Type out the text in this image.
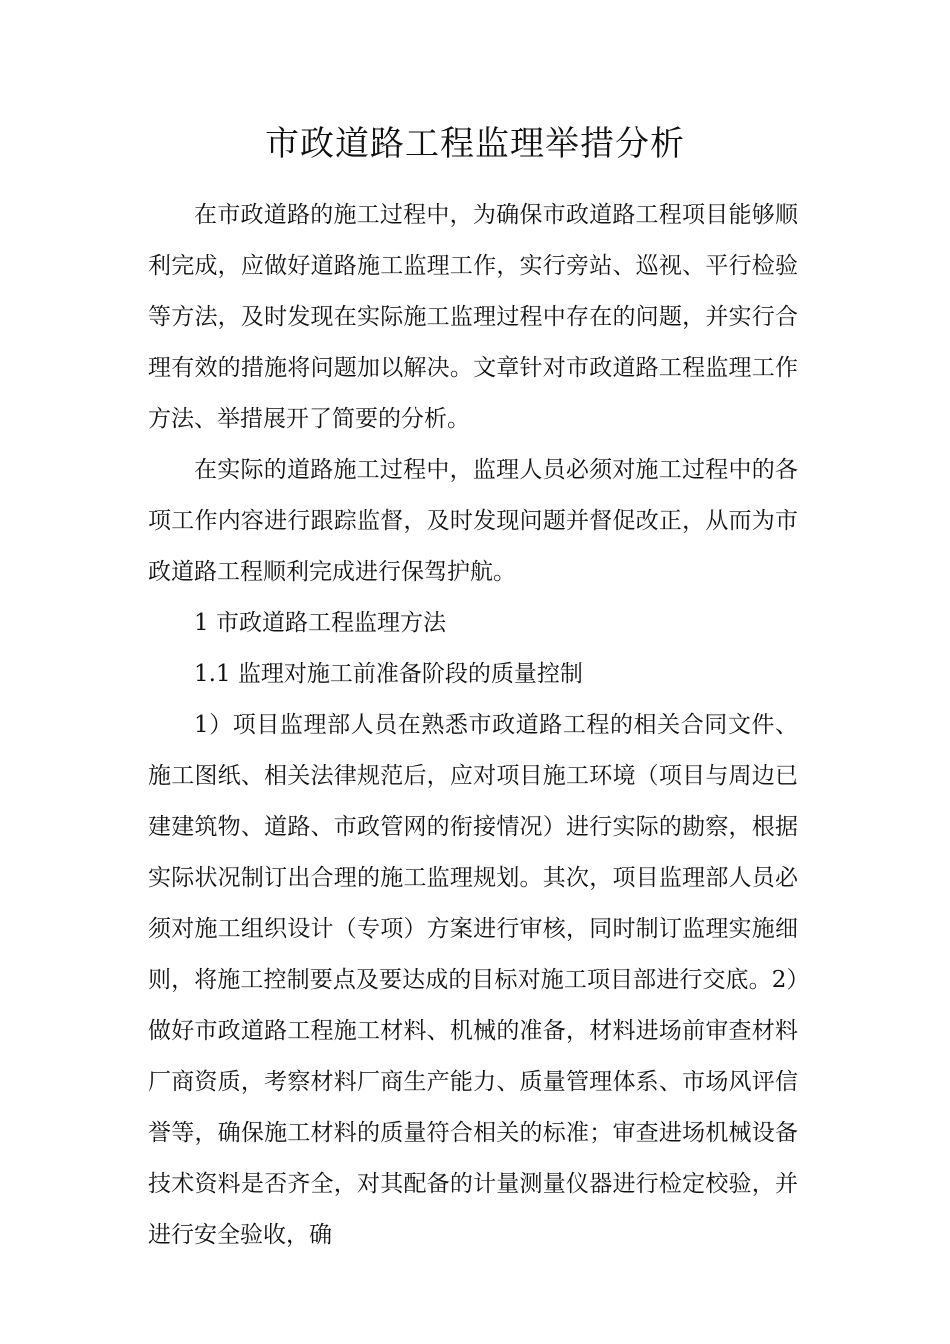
市政道路工程监理举措分析

在市政道路的施工过程中，为确保市政道路工程项目能够顺利完成，应做好道路施工监理工作，实行旁站、巡视、平行检验等方法，及时发现在实际施工监理过程中存在的问题，并实行合理有效的措施将问题加以解决。文章针对市政道路工程监理工作方法、举措展开了简要的分析。

在实际的道路施工过程中，监理人员必须对施工过程中的各项工作内容进行跟踪监督，及时发现问题并督促改正，从而为市政道路工程顺利完成进行保驾护航。

1 市政道路工程监理方法

1.1 监理对施工前准备阶段的质量控制

1）项目监理部人员在熟悉市政道路工程的相关合同文件、施工图纸、相关法律规范后，应对项目施工环境（项目与周边已建建筑物、道路、市政管网的衔接情况）进行实际的勘察，根据实际状况制订出合理的施工监理规划。其次，项目监理部人员必须对施工组织设计（专项）方案进行审核，同时制订监理实施细则，将施工控制要点及要达成的目标对施工项目部进行交底。2）做好市政道路工程施工材料、机械的准备，材料进场前审查材料厂商资质，考察材料厂商生产能力、质量管理体系、市场风评信誉等，确保施工材料的质量符合相关的标准；审查进场机械设备技术资料是否齐全，对其配备的计量测量仪器进行检定校验，并进行安全验收，确
